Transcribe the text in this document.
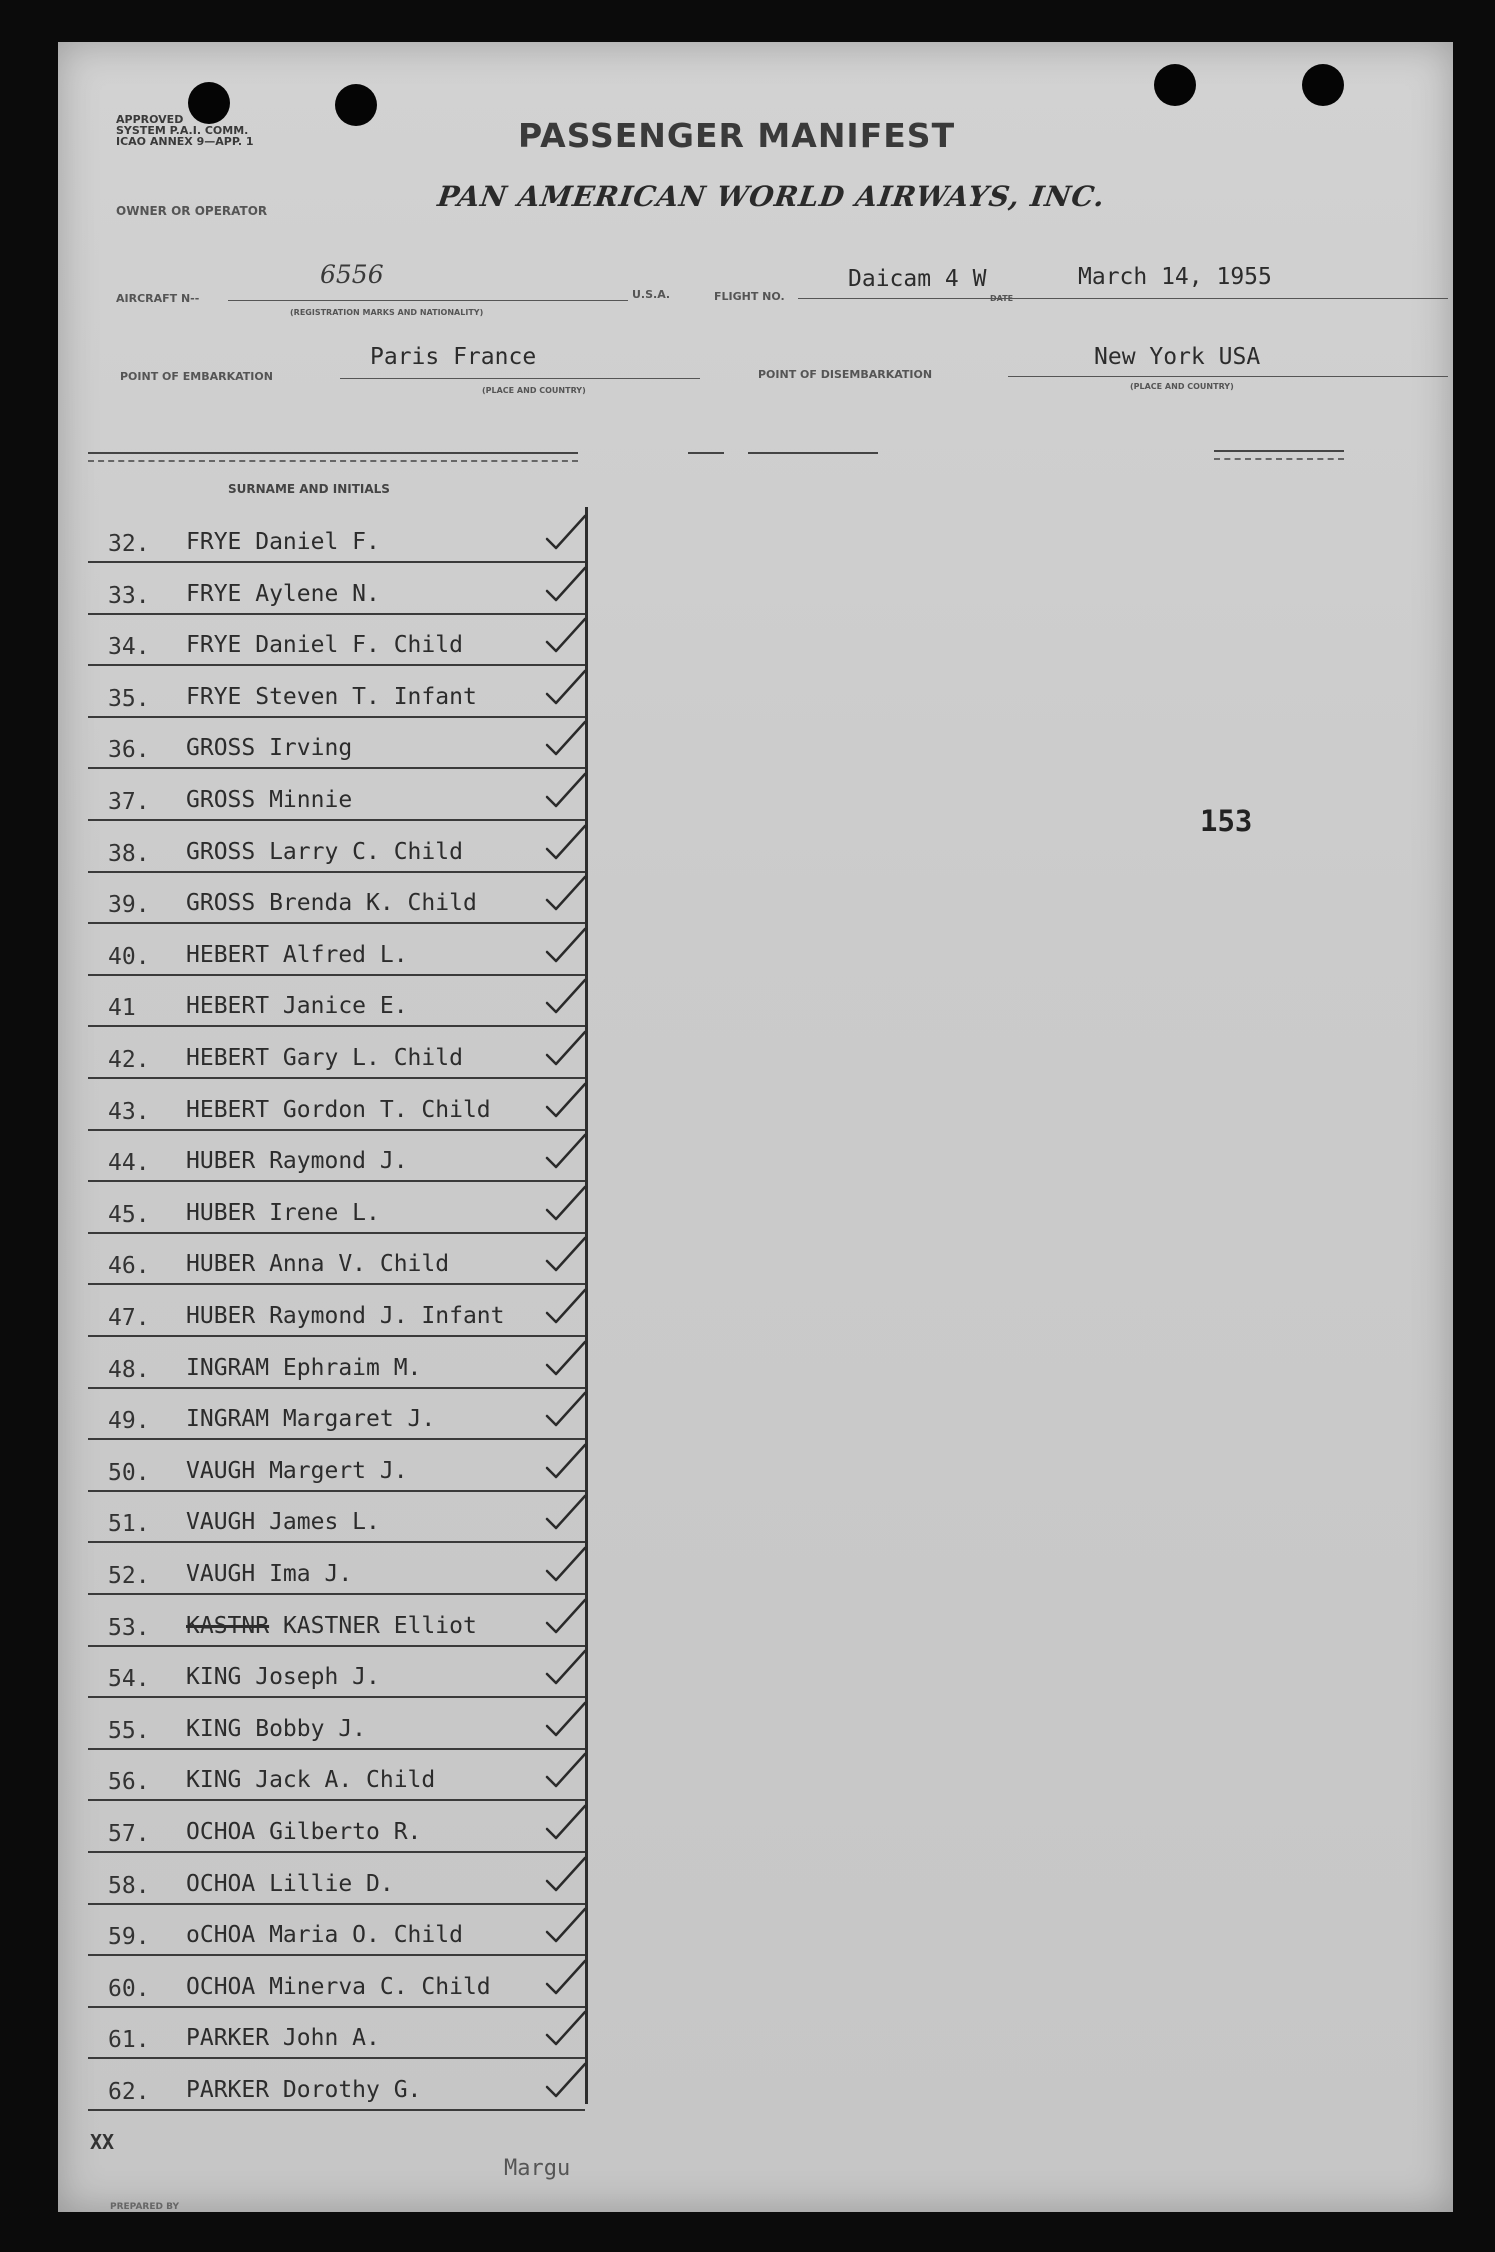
APPROVED
SYSTEM P.A.I. COMM.
ICAO ANNEX 9—APP. 1	PASSENGER MANIFEST
OWNER OR OPERATOR	PAN AMERICAN WORLD AIRWAYS, INC.
AIRCRAFT N--
6556
(REGISTRATION MARKS AND NATIONALITY)
U.S.A.	FLIGHT NO.
Daicam 4 W
DATE
March 14, 1955
POINT OF EMBARKATION
Paris France
(PLACE AND COUNTRY)
POINT OF DISEMBARKATION
New York USA
(PLACE AND COUNTRY)
SURNAME AND INITIALS
32.	FRYE Daniel F.
33.	FRYE Aylene N.
34.	FRYE Daniel F. Child
35.	FRYE Steven T. Infant
36.	GROSS Irving
37.	GROSS Minnie
38.	GROSS Larry C. Child
39.	GROSS Brenda K. Child
40.	HEBERT Alfred L.
41	HEBERT Janice E.
42.	HEBERT Gary L. Child
43.	HEBERT Gordon T. Child
44.	HUBER Raymond J.
45.	HUBER Irene L.
46.	HUBER Anna V. Child
47.	HUBER Raymond J. Infant
48.	INGRAM Ephraim M.
49.	INGRAM Margaret J.
50.	VAUGH Margert J.
51.	VAUGH James L.
52.	VAUGH Ima J.
53.	KASTNR KASTNER Elliot
54.	KING Joseph J.
55.	KING Bobby J.
56.	KING Jack A. Child
57.	OCHOA Gilberto R.
58.	OCHOA Lillie D.
59.	oCHOA Maria O. Child
60.	OCHOA Minerva C. Child
61.	PARKER John A.
62.	PARKER Dorothy G.
153
XX
PREPARED BY
Margu
